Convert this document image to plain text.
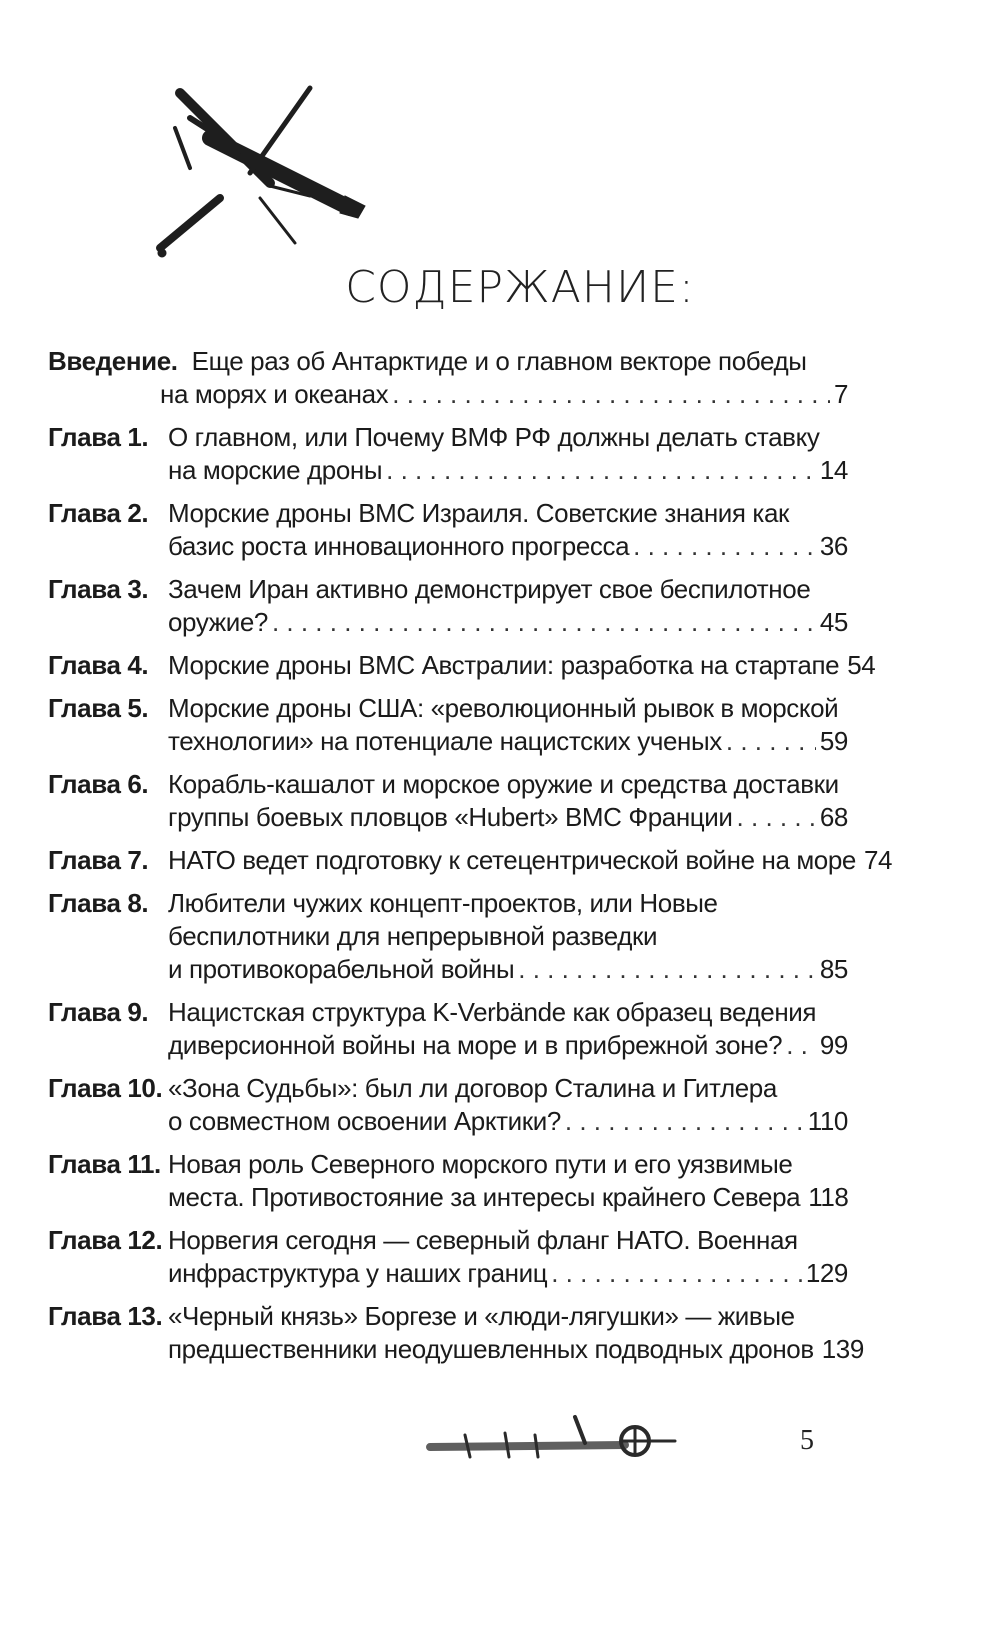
СОДЕРЖАНИЕ:
Введение. Еще раз об Антарктиде и о главном векторе победы
на морях и океанах . . .	7
Глава 1. О главном, или Почему ВМФ РФ должны делать ставку
на морские дроны . . .	14
Глава 2. Морские дроны ВМС Израиля. Советские знания как
базис роста инновационного прогресса . . .	36
Глава 3. Зачем Иран активно демонстрирует свое беспилотное
оружие? . . .	45
Глава 4. Морские дроны ВМС Австралии: разработка на стартапе 54
Глава 5. Морские дроны США: «революционный рывок в морской
технологии» на потенциале нацистских ученых . . .	59
Глава 6. Корабль-кашалот и морское оружие и средства доставки
группы боевых пловцов «Hubert» ВМС Франции . . .	68
Глава 7. НАТО ведет подготовку к сетецентрической войне на море 74
Глава 8. Любители чужих концепт-проектов, или Новые
беспилотники для непрерывной разведки
и противокорабельной войны . . .	85
Глава 9. Нацистская структура K-Verbände как образец ведения
диверсионной войны на море и в прибрежной зоне? . . . 99
Глава 10. «Зона Судьбы»: был ли договор Сталина и Гитлера
о совместном освоении Арктики? . . .	110
Глава 11. Новая роль Северного морского пути и его уязвимые
места. Противостояние за интересы крайнего Севера 118
Глава 12. Норвегия сегодня — северный фланг НАТО. Военная
инфраструктура у наших границ . . .	129
Глава 13. «Черный князь» Боргезе и «люди-лягушки» — живые
предшественники неодушевленных подводных дронов 139
5
